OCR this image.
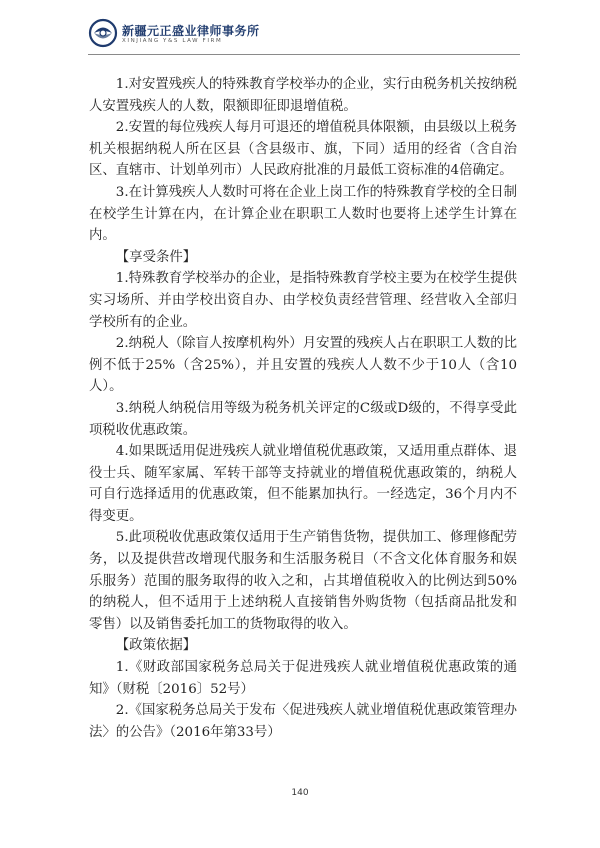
新疆元正盛业律师事务所
XINJIANG Y&S LAW FIRM

1.对安置残疾人的特殊教育学校举办的企业，实行由税务机关按纳税人安置残疾人的人数，限额即征即退增值税。

2.安置的每位残疾人每月可退还的增值税具体限额，由县级以上税务机关根据纳税人所在区县（含县级市、旗，下同）适用的经省（含自治区、直辖市、计划单列市）人民政府批准的月最低工资标准的4倍确定。

3.在计算残疾人人数时可将在企业上岗工作的特殊教育学校的全日制在校学生计算在内，在计算企业在职职工人数时也要将上述学生计算在内。

【享受条件】

1.特殊教育学校举办的企业，是指特殊教育学校主要为在校学生提供实习场所、并由学校出资自办、由学校负责经营管理、经营收入全部归学校所有的企业。

2.纳税人（除盲人按摩机构外）月安置的残疾人占在职职工人数的比例不低于25%（含25%），并且安置的残疾人人数不少于10人（含10人）。

3.纳税人纳税信用等级为税务机关评定的C级或D级的，不得享受此项税收优惠政策。

4.如果既适用促进残疾人就业增值税优惠政策，又适用重点群体、退役士兵、随军家属、军转干部等支持就业的增值税优惠政策的，纳税人可自行选择适用的优惠政策，但不能累加执行。一经选定，36个月内不得变更。

5.此项税收优惠政策仅适用于生产销售货物，提供加工、修理修配劳务，以及提供营改增现代服务和生活服务税目（不含文化体育服务和娱乐服务）范围的服务取得的收入之和，占其增值税收入的比例达到50%的纳税人，但不适用于上述纳税人直接销售外购货物（包括商品批发和零售）以及销售委托加工的货物取得的收入。

【政策依据】

1.《财政部国家税务总局关于促进残疾人就业增值税优惠政策的通知》（财税〔2016〕52号）

2.《国家税务总局关于发布〈促进残疾人就业增值税优惠政策管理办法〉的公告》（2016年第33号）

140
